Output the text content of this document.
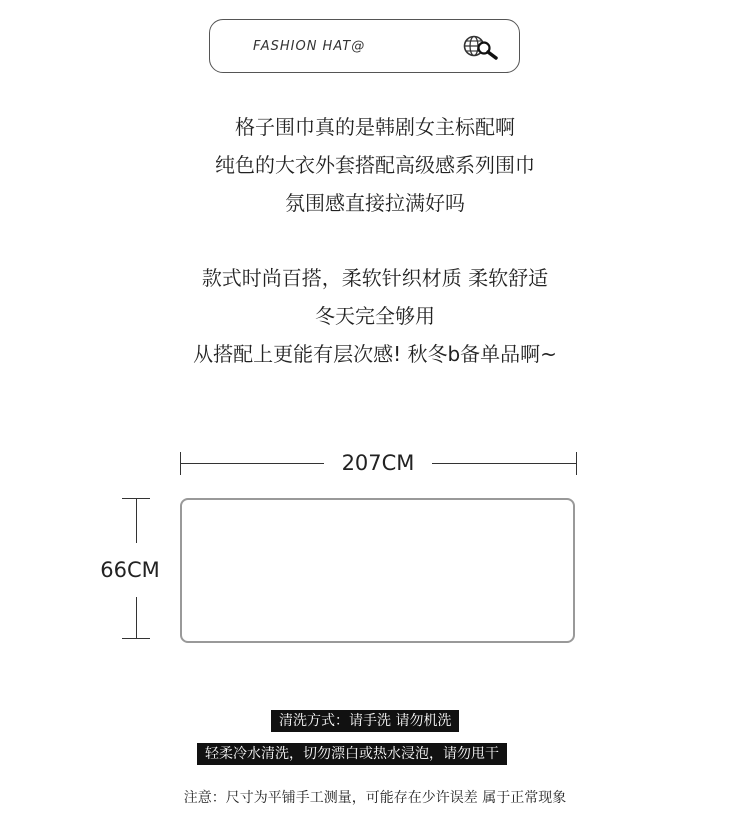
FASHION HAT@
格子围巾真的是韩剧女主标配啊
纯色的大衣外套搭配高级感系列围巾
氛围感直接拉满好吗
款式时尚百搭，柔软针织材质 柔软舒适
冬天完全够用
从搭配上更能有层次感! 秋冬b备单品啊~
207CM
66CM
清洗方式：请手洗 请勿机洗
轻柔冷水清洗，切勿漂白或热水浸泡，请勿甩干
注意：尺寸为平铺手工测量，可能存在少许误差 属于正常现象
